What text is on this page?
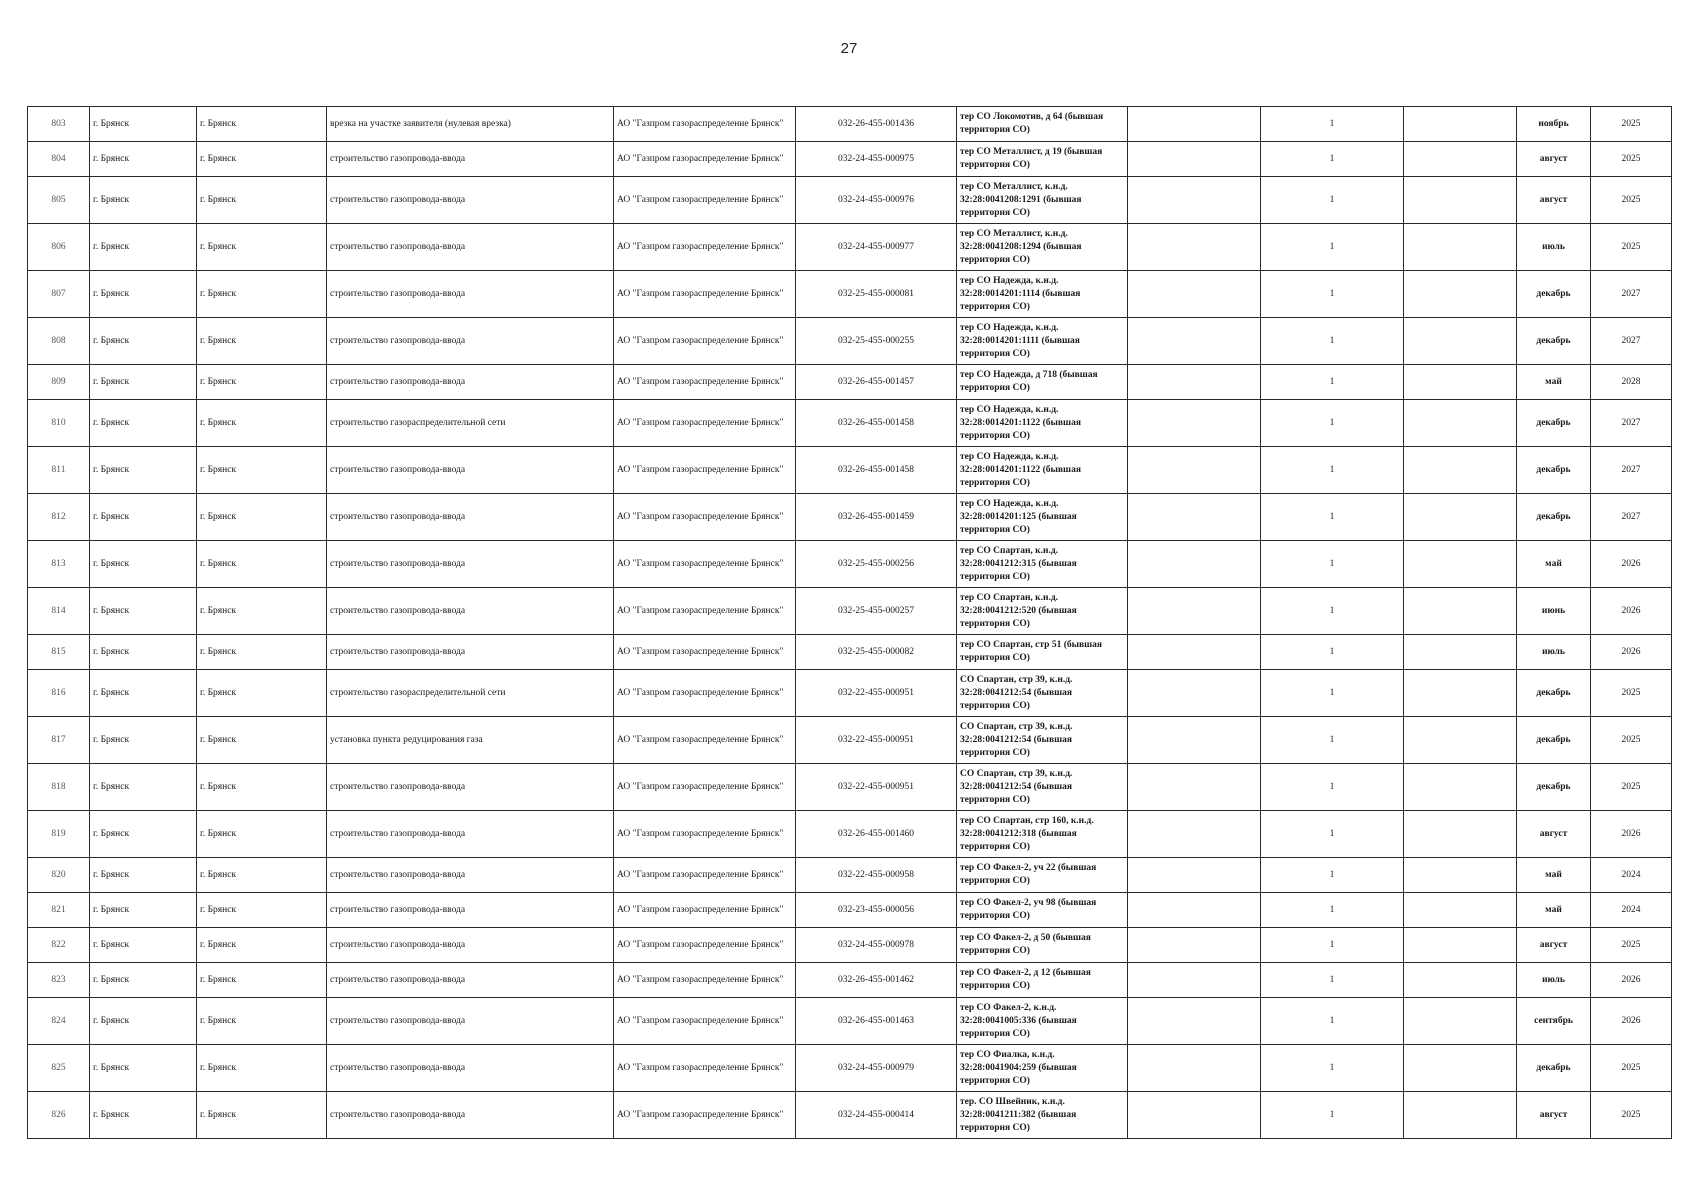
27
803	г. Брянск	г. Брянск	врезка на участке заявителя (нулевая врезка)	АО "Газпром газораспределение Брянск"	032-26-455-001436	тер СО Локомотив, д 64 (бывшая территория СО)		1		ноябрь	2025
804	г. Брянск	г. Брянск	строительство газопровода-ввода	АО "Газпром газораспределение Брянск"	032-24-455-000975	тер СО Металлист, д 19 (бывшая территория СО)		1		август	2025
805	г. Брянск	г. Брянск	строительство газопровода-ввода	АО "Газпром газораспределение Брянск"	032-24-455-000976	тер СО Металлист, к.н.д. 32:28:0041208:1291 (бывшая территория СО)		1		август	2025
806	г. Брянск	г. Брянск	строительство газопровода-ввода	АО "Газпром газораспределение Брянск"	032-24-455-000977	тер СО Металлист, к.н.д. 32:28:0041208:1294 (бывшая территория СО)		1		июль	2025
807	г. Брянск	г. Брянск	строительство газопровода-ввода	АО "Газпром газораспределение Брянск"	032-25-455-000081	тер СО Надежда, к.н.д. 32:28:0014201:1114 (бывшая территория СО)		1		декабрь	2027
808	г. Брянск	г. Брянск	строительство газопровода-ввода	АО "Газпром газораспределение Брянск"	032-25-455-000255	тер СО Надежда, к.н.д. 32:28:0014201:1111 (бывшая территория СО)		1		декабрь	2027
809	г. Брянск	г. Брянск	строительство газопровода-ввода	АО "Газпром газораспределение Брянск"	032-26-455-001457	тер СО Надежда, д 718 (бывшая территория СО)		1		май	2028
810	г. Брянск	г. Брянск	строительство газораспределительной сети	АО "Газпром газораспределение Брянск"	032-26-455-001458	тер СО Надежда, к.н.д. 32:28:0014201:1122 (бывшая территория СО)		1		декабрь	2027
811	г. Брянск	г. Брянск	строительство газопровода-ввода	АО "Газпром газораспределение Брянск"	032-26-455-001458	тер СО Надежда, к.н.д. 32:28:0014201:1122 (бывшая территория СО)		1		декабрь	2027
812	г. Брянск	г. Брянск	строительство газопровода-ввода	АО "Газпром газораспределение Брянск"	032-26-455-001459	тер СО Надежда, к.н.д. 32:28:0014201:125 (бывшая территория СО)		1		декабрь	2027
813	г. Брянск	г. Брянск	строительство газопровода-ввода	АО "Газпром газораспределение Брянск"	032-25-455-000256	тер СО Спартан, к.н.д. 32:28:0041212:315 (бывшая территория СО)		1		май	2026
814	г. Брянск	г. Брянск	строительство газопровода-ввода	АО "Газпром газораспределение Брянск"	032-25-455-000257	тер СО Спартан, к.н.д. 32:28:0041212:520 (бывшая территория СО)		1		июнь	2026
815	г. Брянск	г. Брянск	строительство газопровода-ввода	АО "Газпром газораспределение Брянск"	032-25-455-000082	тер СО Спартан, стр 51 (бывшая территория СО)		1		июль	2026
816	г. Брянск	г. Брянск	строительство газораспределительной сети	АО "Газпром газораспределение Брянск"	032-22-455-000951	СО Спартан, стр 39, к.н.д. 32:28:0041212:54 (бывшая территория СО)		1		декабрь	2025
817	г. Брянск	г. Брянск	установка пункта редуцирования газа	АО "Газпром газораспределение Брянск"	032-22-455-000951	СО Спартан, стр 39, к.н.д. 32:28:0041212:54 (бывшая территория СО)		1		декабрь	2025
818	г. Брянск	г. Брянск	строительство газопровода-ввода	АО "Газпром газораспределение Брянск"	032-22-455-000951	СО Спартан, стр 39, к.н.д. 32:28:0041212:54 (бывшая территория СО)		1		декабрь	2025
819	г. Брянск	г. Брянск	строительство газопровода-ввода	АО "Газпром газораспределение Брянск"	032-26-455-001460	тер СО Спартан, стр 160, к.н.д. 32:28:0041212:318 (бывшая территория СО)		1		август	2026
820	г. Брянск	г. Брянск	строительство газопровода-ввода	АО "Газпром газораспределение Брянск"	032-22-455-000958	тер СО Факел-2, уч 22 (бывшая территория СО)		1		май	2024
821	г. Брянск	г. Брянск	строительство газопровода-ввода	АО "Газпром газораспределение Брянск"	032-23-455-000056	тер СО Факел-2, уч 98 (бывшая территория СО)		1		май	2024
822	г. Брянск	г. Брянск	строительство газопровода-ввода	АО "Газпром газораспределение Брянск"	032-24-455-000978	тер СО Факел-2, д 50 (бывшая территория СО)		1		август	2025
823	г. Брянск	г. Брянск	строительство газопровода-ввода	АО "Газпром газораспределение Брянск"	032-26-455-001462	тер СО Факел-2, д 12 (бывшая территория СО)		1		июль	2026
824	г. Брянск	г. Брянск	строительство газопровода-ввода	АО "Газпром газораспределение Брянск"	032-26-455-001463	тер СО Факел-2, к.н.д. 32:28:0041005:336 (бывшая территория СО)		1		сентябрь	2026
825	г. Брянск	г. Брянск	строительство газопровода-ввода	АО "Газпром газораспределение Брянск"	032-24-455-000979	тер СО Фиалка, к.н.д. 32:28:0041904:259 (бывшая территория СО)		1		декабрь	2025
826	г. Брянск	г. Брянск	строительство газопровода-ввода	АО "Газпром газораспределение Брянск"	032-24-455-000414	тер. СО Швейник, к.н.д. 32:28:0041211:382 (бывшая территория СО)		1		август	2025
